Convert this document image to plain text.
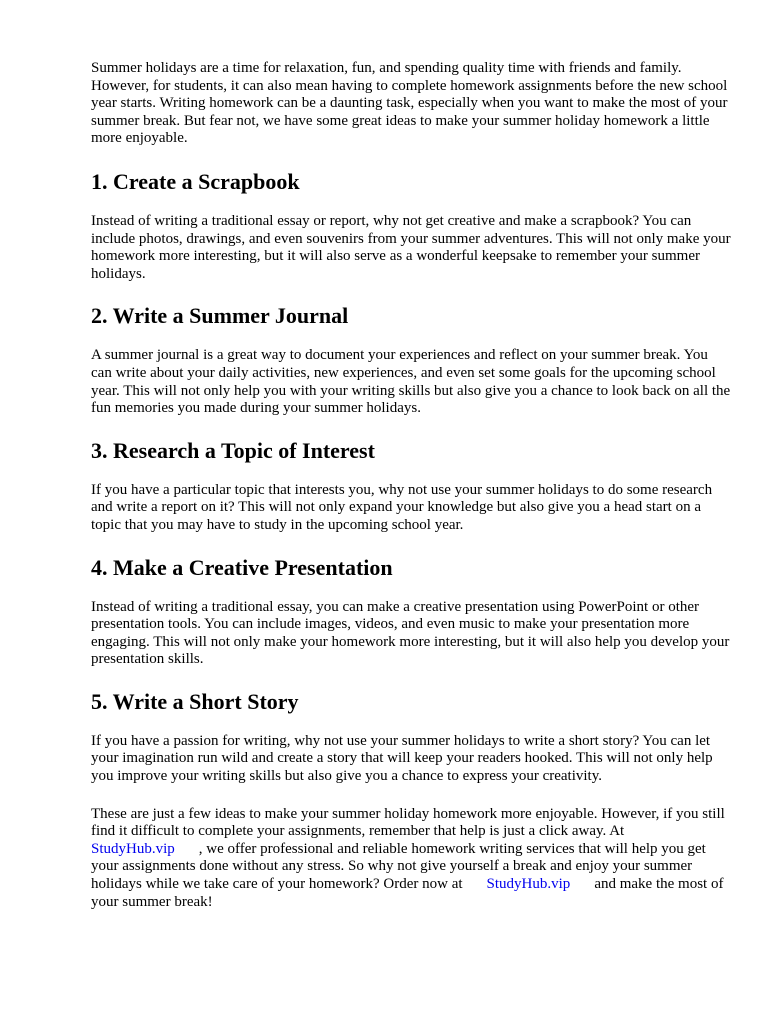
Summer holidays are a time for relaxation, fun, and spending quality time with friends and family. However, for students, it can also mean having to complete homework assignments before the new school year starts. Writing homework can be a daunting task, especially when you want to make the most of your summer break. But fear not, we have some great ideas to make your summer holiday homework a little more enjoyable.

1. Create a Scrapbook

Instead of writing a traditional essay or report, why not get creative and make a scrapbook? You can include photos, drawings, and even souvenirs from your summer adventures. This will not only make your homework more interesting, but it will also serve as a wonderful keepsake to remember your summer holidays.

2. Write a Summer Journal

A summer journal is a great way to document your experiences and reflect on your summer break. You can write about your daily activities, new experiences, and even set some goals for the upcoming school year. This will not only help you with your writing skills but also give you a chance to look back on all the fun memories you made during your summer holidays.

3. Research a Topic of Interest

If you have a particular topic that interests you, why not use your summer holidays to do some research and write a report on it? This will not only expand your knowledge but also give you a head start on a topic that you may have to study in the upcoming school year.

4. Make a Creative Presentation

Instead of writing a traditional essay, you can make a creative presentation using PowerPoint or other presentation tools. You can include images, videos, and even music to make your presentation more engaging. This will not only make your homework more interesting, but it will also help you develop your presentation skills.

5. Write a Short Story

If you have a passion for writing, why not use your summer holidays to write a short story? You can let your imagination run wild and create a story that will keep your readers hooked. This will not only help you improve your writing skills but also give you a chance to express your creativity.

These are just a few ideas to make your summer holiday homework more enjoyable. However, if you still find it difficult to complete your assignments, remember that help is just a click away. At
StudyHub.vip , we offer professional and reliable homework writing services that will help you get your assignments done without any stress. So why not give yourself a break and enjoy your summer holidays while we take care of your homework? Order now at StudyHub.vip and make the most of your summer break!
